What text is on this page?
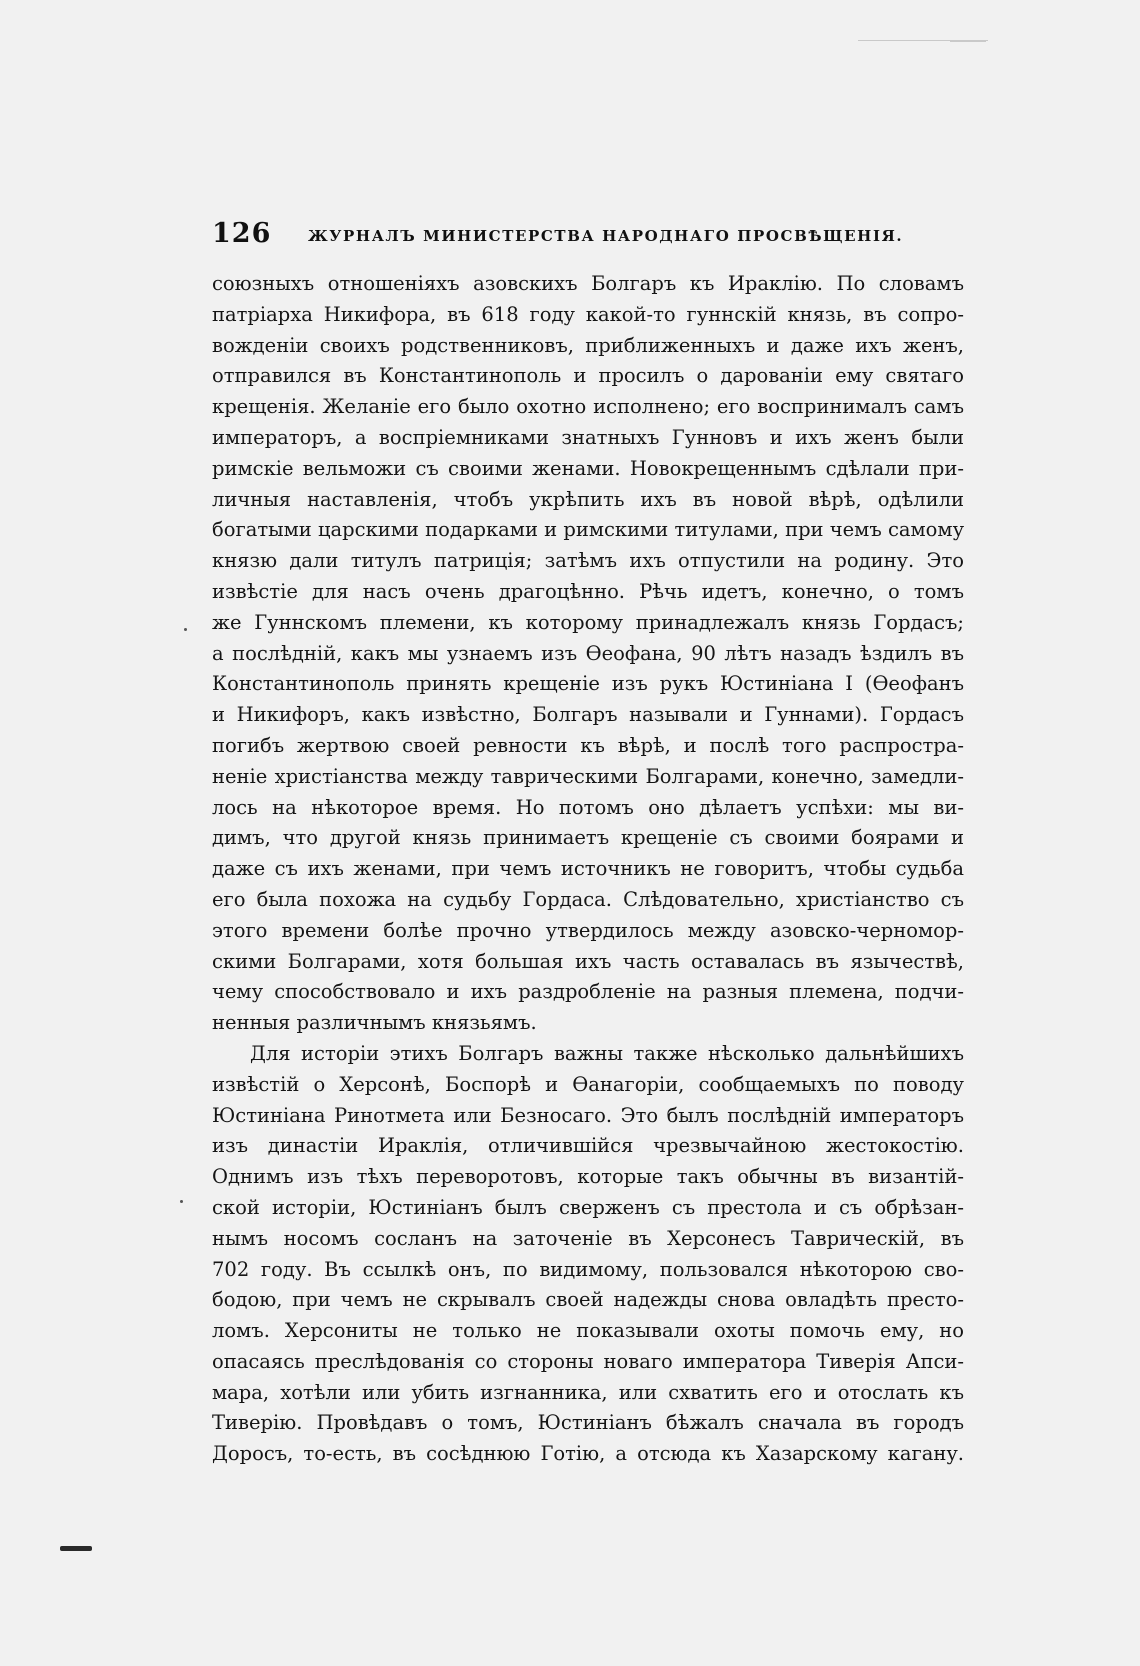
126 ЖУРНАЛЪ МИНИСТЕРСТВА НАРОДНАГО ПРОСВѢЩЕНІЯ.
союзныхъ отношеніяхъ азовскихъ Болгаръ къ Ираклію. По словамъ
патріарха Никифора, въ 618 году какой-то гуннскій князь, въ сопро-
вожденіи своихъ родственниковъ, приближенныхъ и даже ихъ женъ,
отправился въ Константинополь и просилъ о дарованіи ему святаго
крещенія. Желаніе его было охотно исполнено; его воспринималъ самъ
императоръ, а воспріемниками знатныхъ Гунновъ и ихъ женъ были
римскіе вельможи съ своими женами. Новокрещеннымъ сдѣлали при-
личныя наставленія, чтобъ укрѣпить ихъ въ новой вѣрѣ, одѣлили
богатыми царскими подарками и римскими титулами, при чемъ самому
князю дали титулъ патриція; затѣмъ ихъ отпустили на родину. Это
извѣстіе для насъ очень драгоцѣнно. Рѣчь идетъ, конечно, о томъ
же Гуннскомъ племени, къ которому принадлежалъ князь Гордасъ;
а послѣдній, какъ мы узнаемъ изъ Ѳеофана, 90 лѣтъ назадъ ѣздилъ въ
Константинополь принять крещеніе изъ рукъ Юстиніана I (Ѳеофанъ
и Никифоръ, какъ извѣстно, Болгаръ называли и Гуннами). Гордасъ
погибъ жертвою своей ревности къ вѣрѣ, и послѣ того распростра-
неніе христіанства между таврическими Болгарами, конечно, замедли-
лось на нѣкоторое время. Но потомъ оно дѣлаетъ успѣхи: мы ви-
димъ, что другой князь принимаетъ крещеніе съ своими боярами и
даже съ ихъ женами, при чемъ источникъ не говоритъ, чтобы судьба
его была похожа на судьбу Гордаса. Слѣдовательно, христіанство съ
этого времени болѣе прочно утвердилось между азовско-черномор-
скими Болгарами, хотя большая ихъ часть оставалась въ язычествѣ,
чему способствовало и ихъ раздробленіе на разныя племена, подчи-
ненныя различнымъ князьямъ.
Для исторіи этихъ Болгаръ важны также нѣсколько дальнѣйшихъ
извѣстій о Херсонѣ, Боспорѣ и Ѳанагоріи, сообщаемыхъ по поводу
Юстиніана Ринотмета или Безносаго. Это былъ послѣдній императоръ
изъ династіи Ираклія, отличившійся чрезвычайною жестокостію.
Однимъ изъ тѣхъ переворотовъ, которые такъ обычны въ византій-
ской исторіи, Юстиніанъ былъ сверженъ съ престола и съ обрѣзан-
нымъ носомъ сосланъ на заточеніе въ Херсонесъ Таврическій, въ
702 году. Въ ссылкѣ онъ, по видимому, пользовался нѣкоторою сво-
бодою, при чемъ не скрывалъ своей надежды снова овладѣть престо-
ломъ. Херсониты не только не показывали охоты помочь ему, но
опасаясь преслѣдованія со стороны новаго императора Тиверія Апси-
мара, хотѣли или убить изгнанника, или схватить его и отослать къ
Тиверію. Провѣдавъ о томъ, Юстиніанъ бѣжалъ сначала въ городъ
Доросъ, то-есть, въ сосѣднюю Готію, а отсюда къ Хазарскому кагану.
